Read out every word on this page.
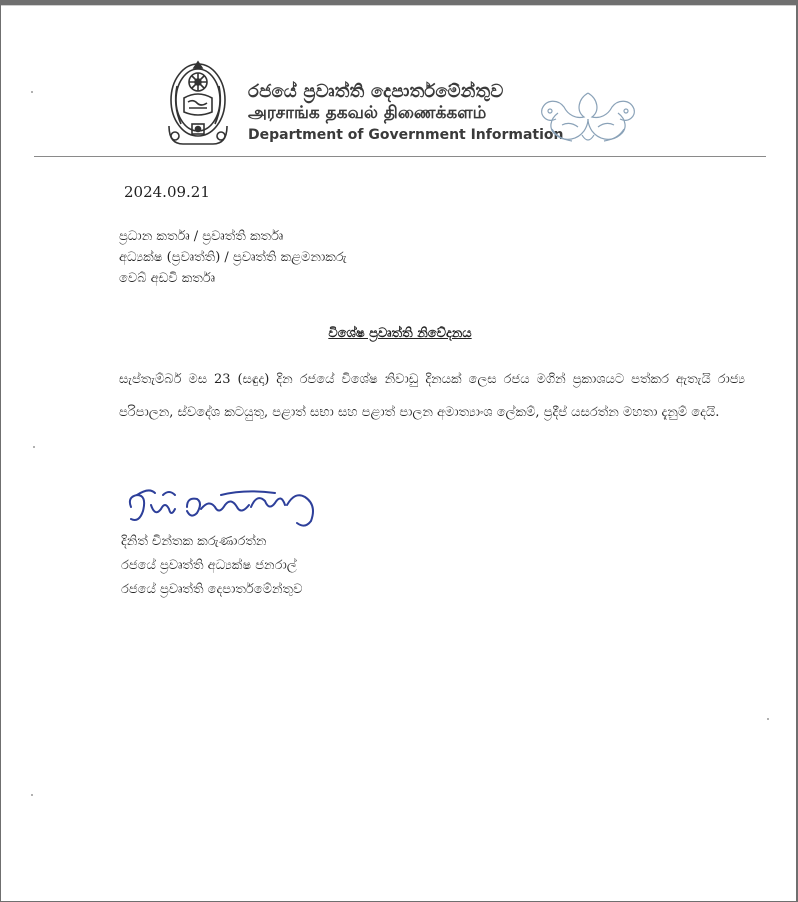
රජයේ ප්‍රවෘත්ති දෙපාර්තමේන්තුව
அரசாங்க தகவல் திணைக்களம்
Department of Government Information
2024.09.21
ප්‍රධාන කර්තෘ / ප්‍රවෘත්ති කර්තෘ
අධ්‍යක්ෂ (ප්‍රවෘත්ති) / ප්‍රවෘත්ති කළමනාකරු
වෙබ් අඩවි කර්තෘ
විශේෂ ප්‍රවෘත්ති නිවේදනය
සැප්තැම්බර් මස 23 (සඳුදා) දින රජයේ විශේෂ නිවාඩු දිනයක් ලෙස රජය මගින් ප්‍රකාශයට පත්කර ඇතැයි රාජ්‍ය පරිපාලන, ස්වදේශ කටයුතු, පළාත් සභා සහ පළාත් පාලන අමාත්‍යාංශ ලේකම්, ප්‍රදීප් යසරත්න මහතා දැනුම් දෙයි.
දිනිත් චින්තක කරුණාරත්න
රජයේ ප්‍රවෘත්ති අධ්‍යක්ෂ ජනරාල්
රජයේ ප්‍රවෘත්ති දෙපාර්තමේන්තුව
